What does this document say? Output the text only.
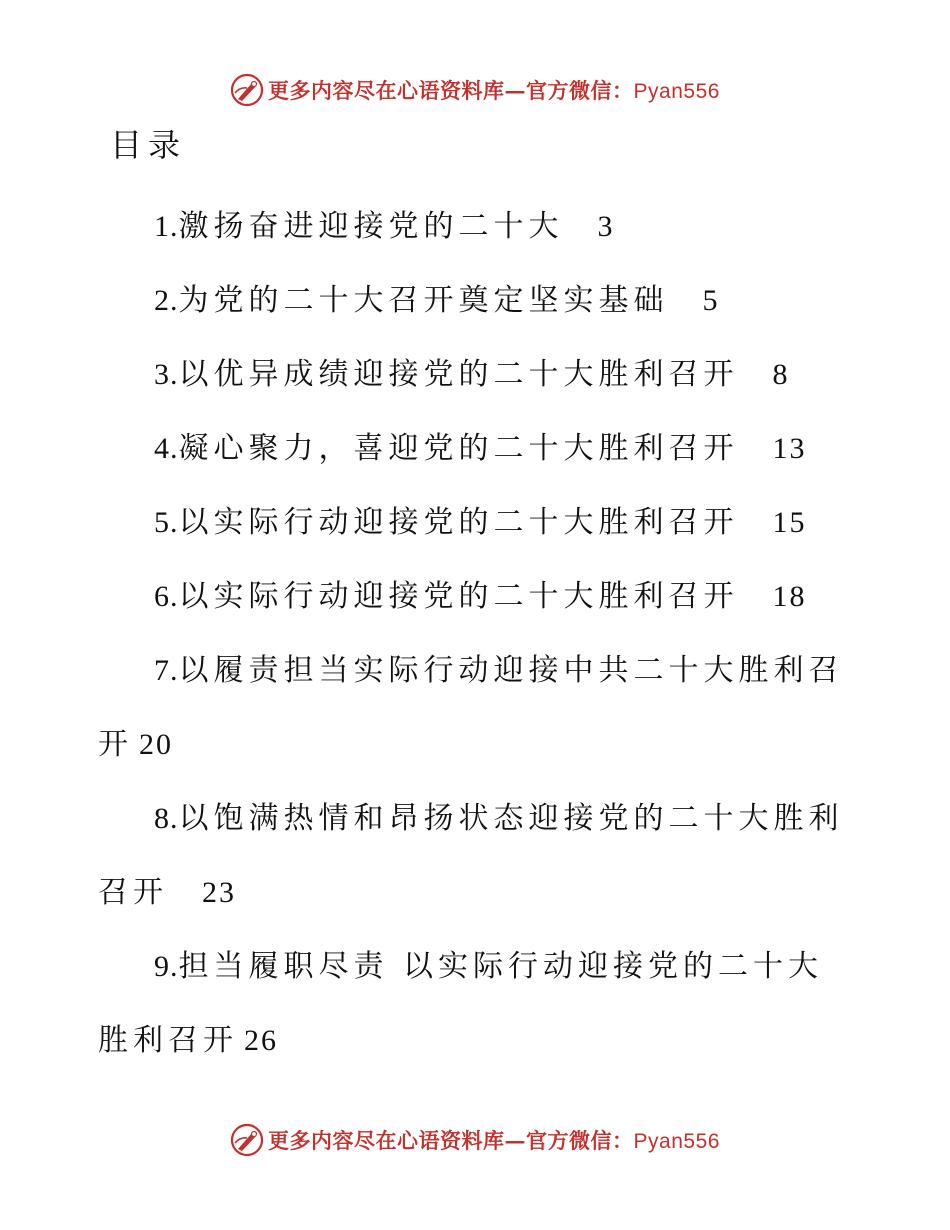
更多内容尽在心语资料库—官方微信：Pyan556
目录
1.激扬奋进迎接党的二十大 3
2.为党的二十大召开奠定坚实基础 5
3.以优异成绩迎接党的二十大胜利召开 8
4.凝心聚力，喜迎党的二十大胜利召开 13
5.以实际行动迎接党的二十大胜利召开 15
6.以实际行动迎接党的二十大胜利召开 18
7.以履责担当实际行动迎接中共二十大胜利召开 20
8.以饱满热情和昂扬状态迎接党的二十大胜利召开 23
9.担当履职尽责 以实际行动迎接党的二十大胜利召开 26
更多内容尽在心语资料库—官方微信：Pyan556
